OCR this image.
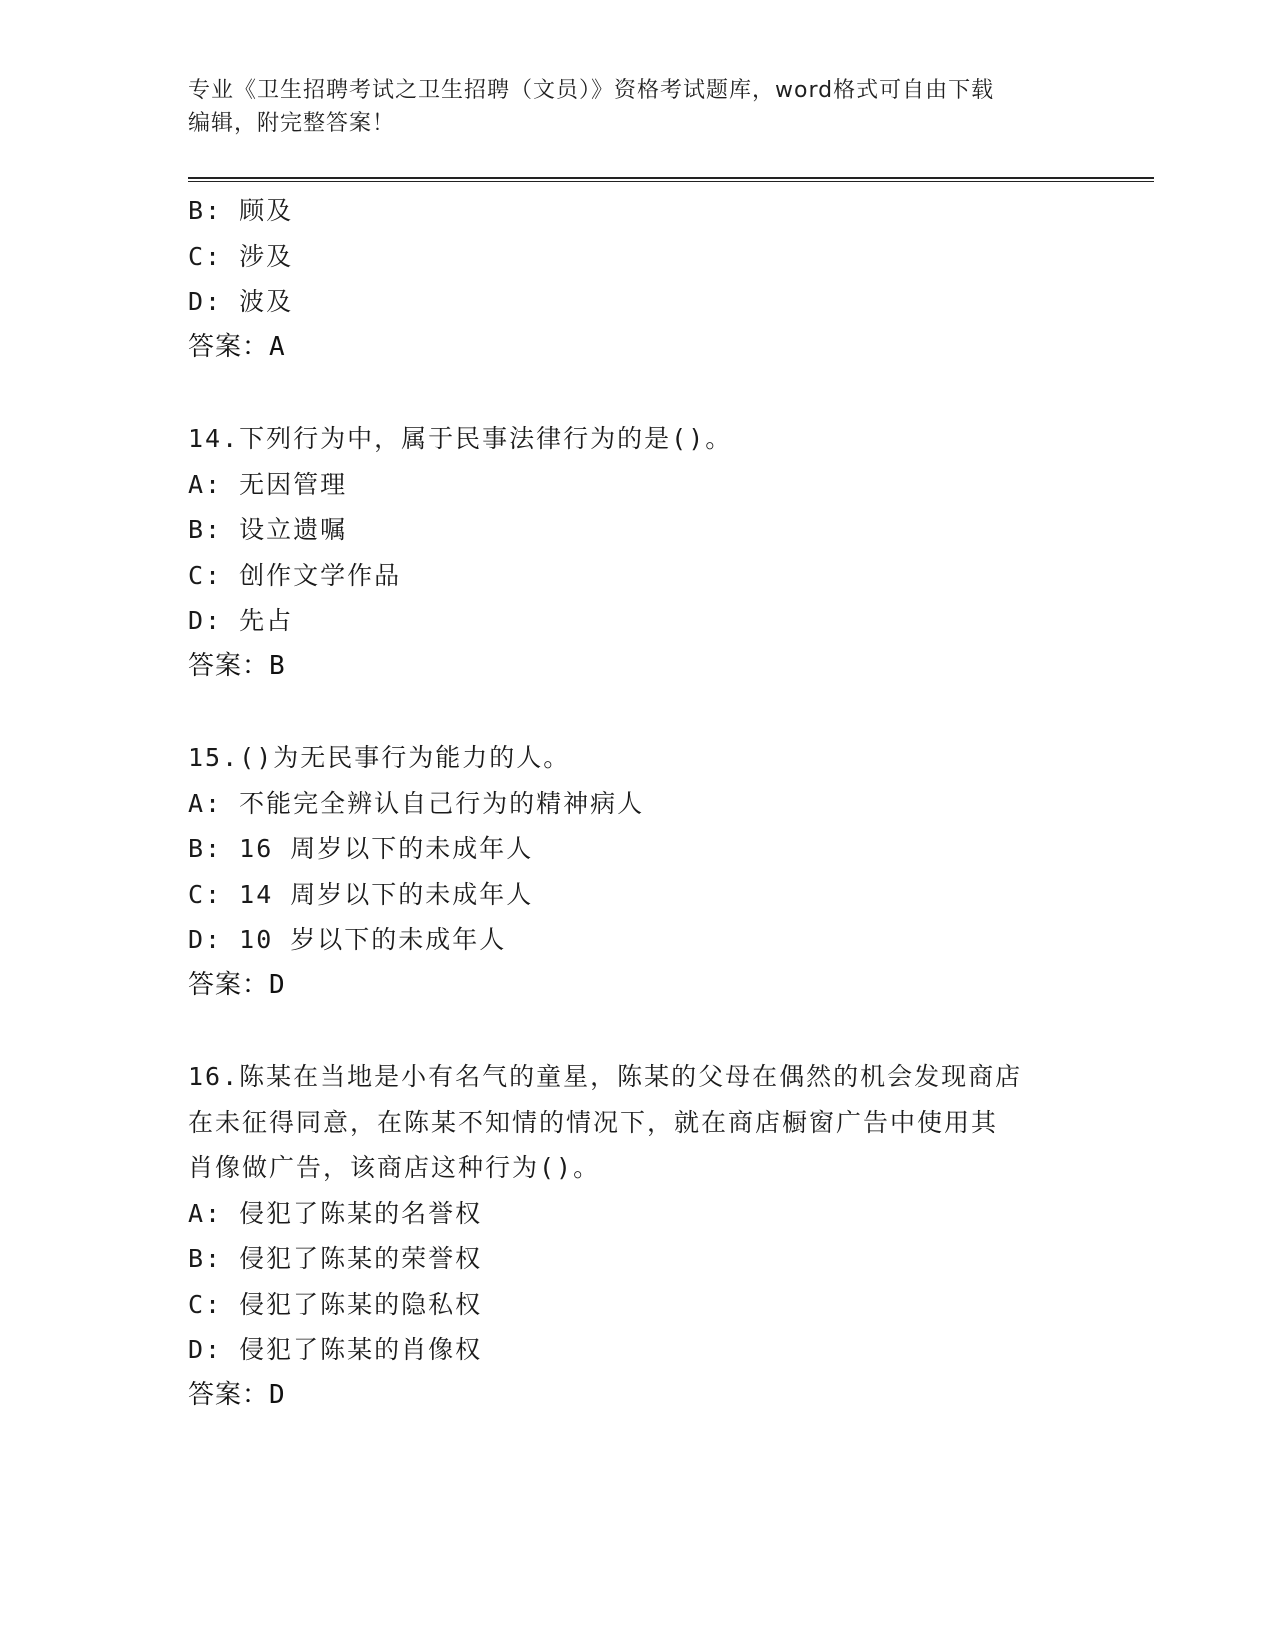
专业《卫生招聘考试之卫生招聘（文员）》资格考试题库，word格式可自由下载
编辑，附完整答案！
B: 顾及
C: 涉及
D: 波及
答案：A
14.下列行为中，属于民事法律行为的是()。
A: 无因管理
B: 设立遗嘱
C: 创作文学作品
D: 先占
答案：B
15.()为无民事行为能力的人。
A: 不能完全辨认自己行为的精神病人
B: 16 周岁以下的未成年人
C: 14 周岁以下的未成年人
D: 10 岁以下的未成年人
答案：D
16.陈某在当地是小有名气的童星，陈某的父母在偶然的机会发现商店
在未征得同意，在陈某不知情的情况下，就在商店橱窗广告中使用其
肖像做广告，该商店这种行为()。
A: 侵犯了陈某的名誉权
B: 侵犯了陈某的荣誉权
C: 侵犯了陈某的隐私权
D: 侵犯了陈某的肖像权
答案：D
